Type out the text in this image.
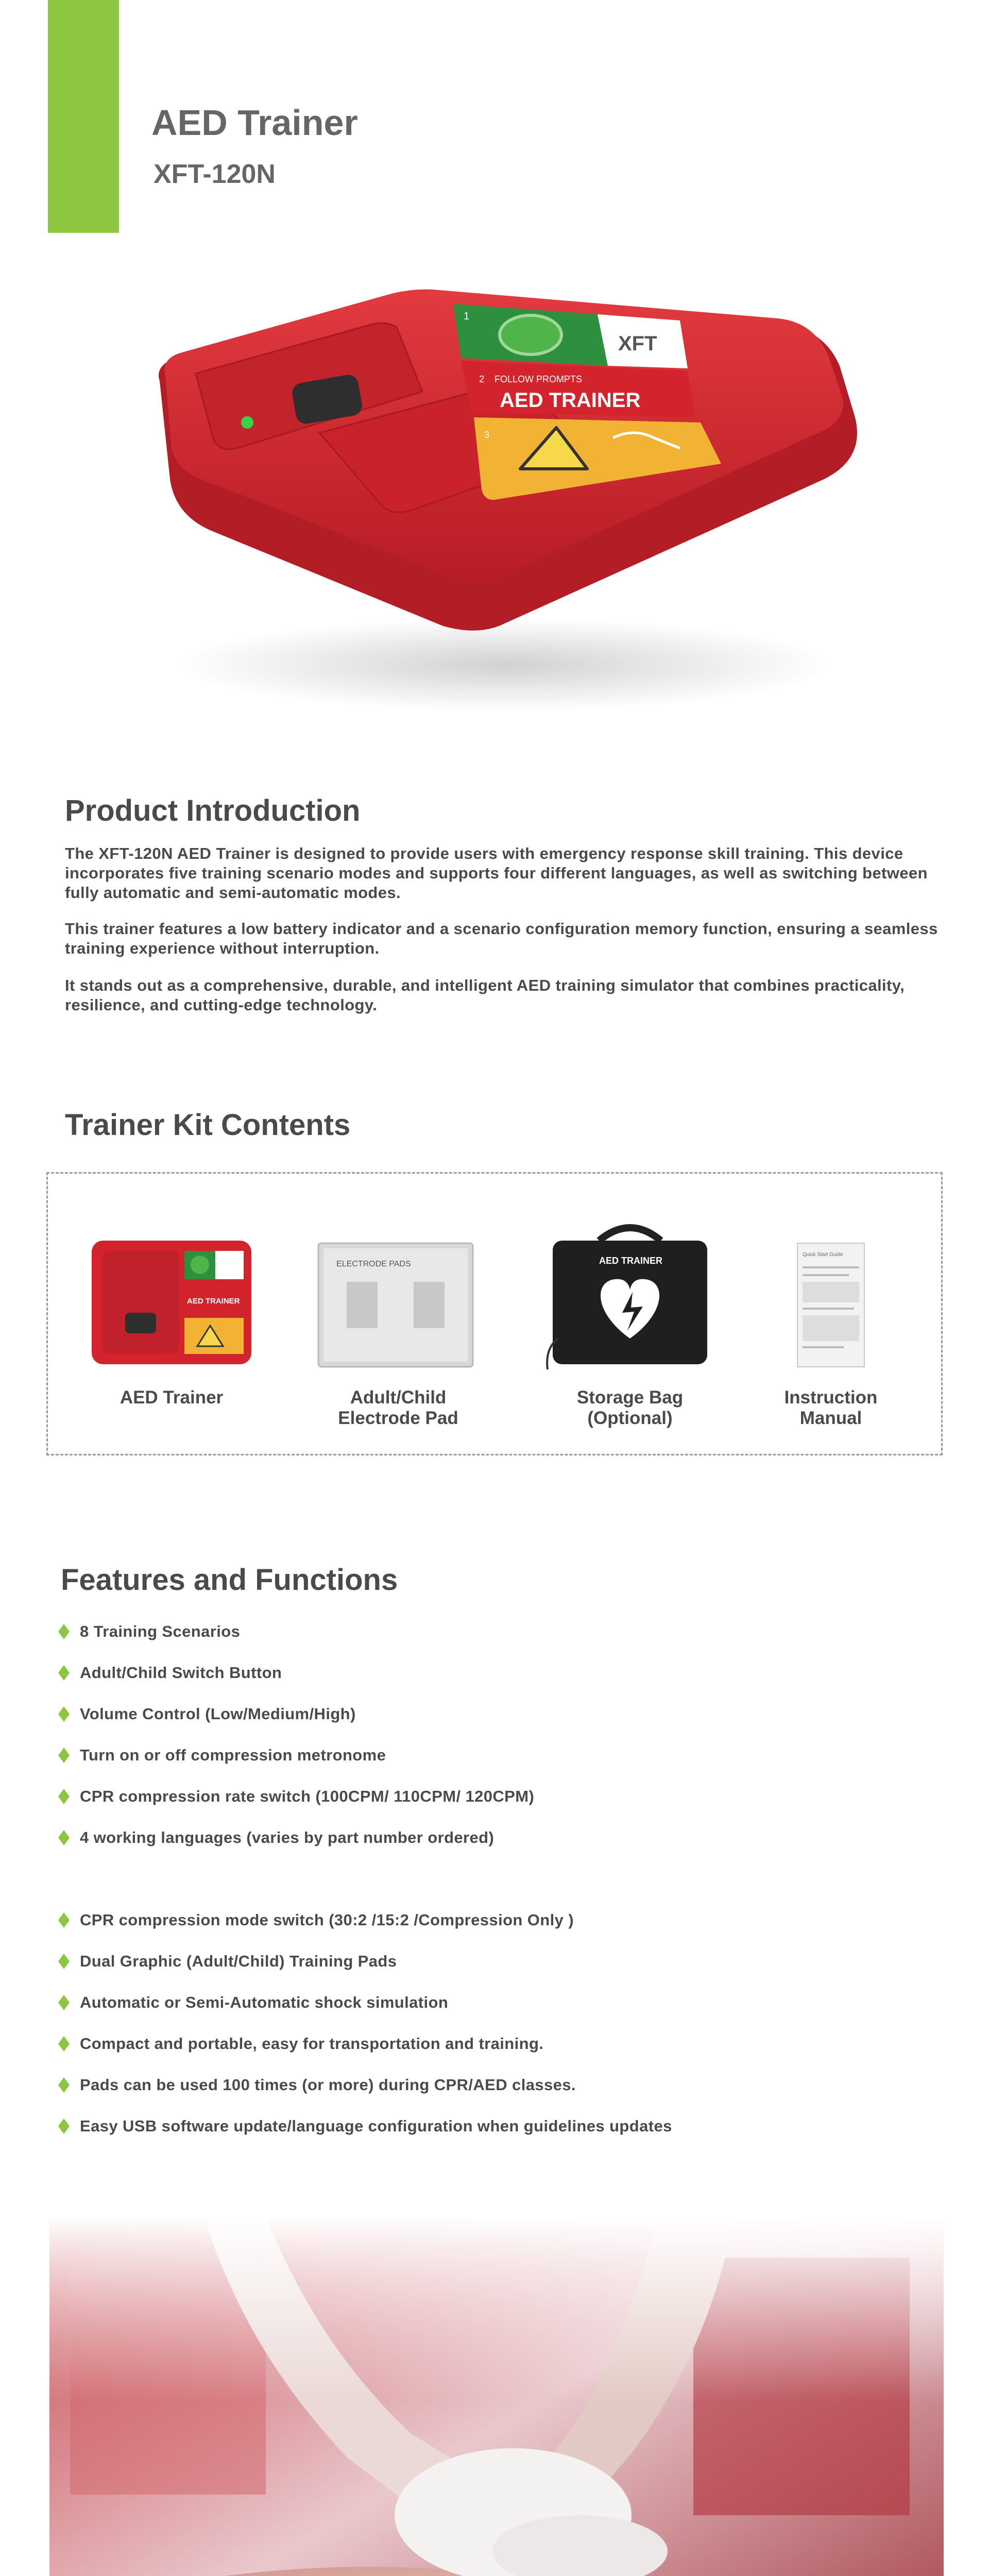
AED Trainer
XFT-120N
1
XFT
2 FOLLOW PROMPTS
AED TRAINER
3
Product Introduction

The XFT-120N AED Trainer is designed to provide users with emergency response skill training. This device incorporates five training scenario modes and supports four different languages, as well as switching between fully automatic and semi-automatic modes.

This trainer features a low battery indicator and a scenario configuration memory function, ensuring a seamless training experience without interruption.

It stands out as a comprehensive, durable, and intelligent AED training simulator that combines practicality, resilience, and cutting-edge technology.

Trainer Kit Contents
AED TRAINER
AED Trainer
ELECTRODE PADS
Adult/Child
Electrode Pad
AED TRAINER
Storage Bag
(Optional)
Quick Start Guide
Instruction
Manual
Features and Functions
8 Training Scenarios
Adult/Child Switch Button
Volume Control (Low/Medium/High)
Turn on or off compression metronome
CPR compression rate switch (100CPM/ 110CPM/ 120CPM)
4 working languages (varies by part number ordered)
CPR compression mode switch (30:2 /15:2 /Compression Only )
Dual Graphic (Adult/Child) Training Pads
Automatic or Semi-Automatic shock simulation
Compact and portable, easy for transportation and training.
Pads can be used 100 times (or more) during CPR/AED classes.
Easy USB software update/language configuration when guidelines updates
